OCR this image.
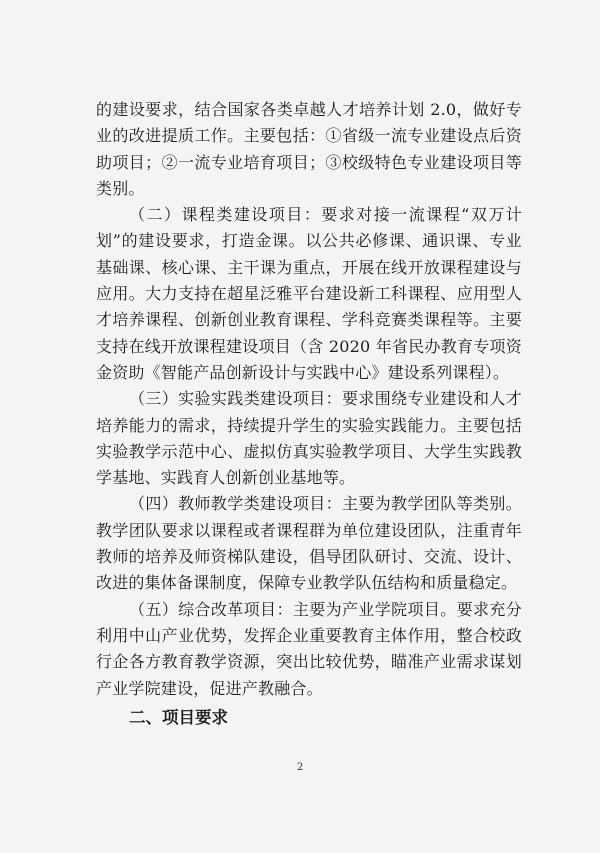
的建设要求，结合国家各类卓越人才培养计划 2.0，做好专业的改进提质工作。主要包括：①省级一流专业建设点后资助项目；②一流专业培育项目；③校级特色专业建设项目等类别。

（二）课程类建设项目：要求对接一流课程“双万计划”的建设要求，打造金课。以公共必修课、通识课、专业基础课、核心课、主干课为重点，开展在线开放课程建设与应用。大力支持在超星泛雅平台建设新工科课程、应用型人才培养课程、创新创业教育课程、学科竞赛类课程等。主要支持在线开放课程建设项目（含 2020 年省民办教育专项资金资助《智能产品创新设计与实践中心》建设系列课程）。

（三）实验实践类建设项目：要求围绕专业建设和人才培养能力的需求，持续提升学生的实验实践能力。主要包括实验教学示范中心、虚拟仿真实验教学项目、大学生实践教学基地、实践育人创新创业基地等。

（四）教师教学类建设项目：主要为教学团队等类别。教学团队要求以课程或者课程群为单位建设团队，注重青年教师的培养及师资梯队建设，倡导团队研讨、交流、设计、改进的集体备课制度，保障专业教学队伍结构和质量稳定。

（五）综合改革项目：主要为产业学院项目。要求充分利用中山产业优势，发挥企业重要教育主体作用，整合校政行企各方教育教学资源，突出比较优势，瞄准产业需求谋划产业学院建设，促进产教融合。

二、项目要求

2
